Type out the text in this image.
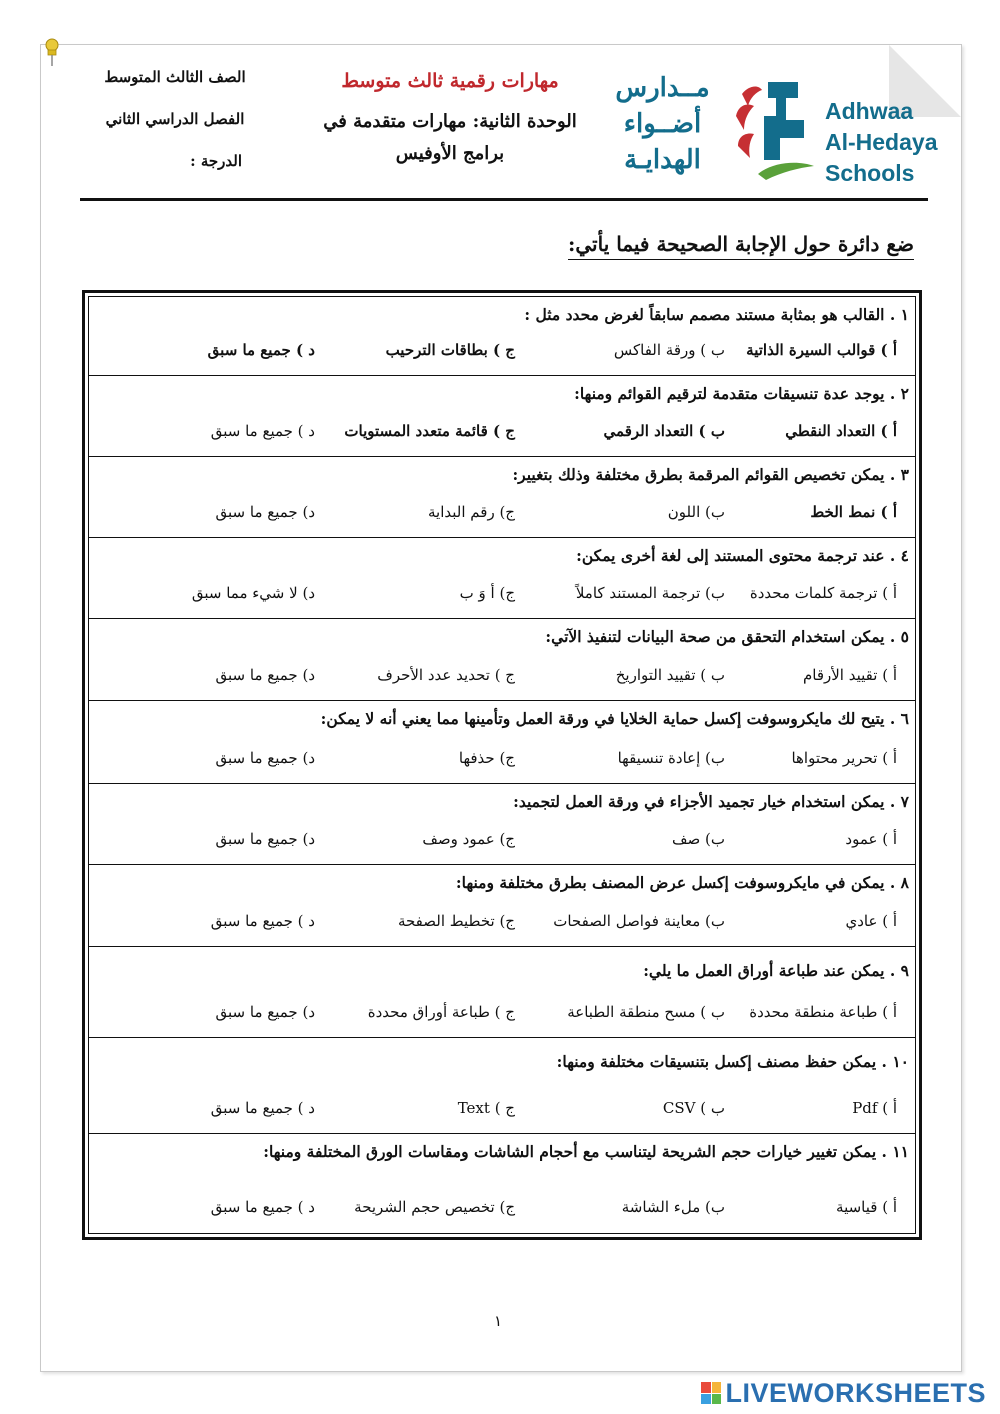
الصف الثالث المتوسط
الفصل الدراسي الثاني
الدرجة :
مهارات رقمية ثالث متوسط
الوحدة الثانية: مهارات متقدمة في
برامج الأوفيس
مــدارس
أضــواء
الهدايـة
Adhwaa
Al-Hedaya
Schools
ضع دائرة حول الإجابة الصحيحة فيما يأتي:
١ . القالب هو بمثابة مستند مصمم سابقاً لغرض محدد مثل :
أ ) قوالب السيرة الذاتية
ب ) ورقة الفاكس
ج ) بطاقات الترحيب
د ) جميع ما سبق
٢ . يوجد عدة تنسيقات متقدمة لترقيم القوائم ومنها:
أ ) التعداد النقطي
ب ) التعداد الرقمي
ج ) قائمة متعدد المستويات
د ) جميع ما سبق
٣ . يمكن تخصيص القوائم المرقمة بطرق مختلفة وذلك بتغيير:
أ ) نمط الخط
ب) اللون
ج) رقم البداية
د) جميع ما سبق
٤ . عند ترجمة محتوى المستند إلى لغة أخرى يمكن:
أ ) ترجمة كلمات محددة
ب) ترجمة المستند كاملاً
ج) أ وَ ب
د) لا شيء مما سبق
٥ . يمكن استخدام التحقق من صحة البيانات لتنفيذ الآتي:
أ ) تقييد الأرقام
ب ) تقييد التواريخ
ج ) تحديد عدد الأحرف
د) جميع ما سبق
٦ . يتيح لك مايكروسوفت إكسل حماية الخلايا في ورقة العمل وتأمينها مما يعني أنه لا يمكن:
أ ) تحرير محتواها
ب) إعادة تنسيقها
ج) حذفها
د) جميع ما سبق
٧ . يمكن استخدام خيار تجميد الأجزاء في ورقة العمل لتجميد:
أ ) عمود
ب) صف
ج) عمود وصف
د) جميع ما سبق
٨ . يمكن في مايكروسوفت إكسل عرض المصنف بطرق مختلفة ومنها:
أ ) عادي
ب) معاينة فواصل الصفحات
ج) تخطيط الصفحة
د ) جميع ما سبق
٩ . يمكن عند طباعة أوراق العمل ما يلي:
أ ) طباعة منطقة محددة
ب ) مسح منطقة الطباعة
ج ) طباعة أوراق محددة
د) جميع ما سبق
١٠ . يمكن حفظ مصنف إكسل بتنسيقات مختلفة ومنها:
أ ) Pdf
ب ) CSV
ج ) Text
د ) جميع ما سبق
١١ . يمكن تغيير خيارات حجم الشريحة ليتناسب مع أحجام الشاشات ومقاسات الورق المختلفة ومنها:
أ ) قياسية
ب) ملء الشاشة
ج) تخصيص حجم الشريحة
د ) جميع ما سبق
١
LIVEWORKSHEETS
